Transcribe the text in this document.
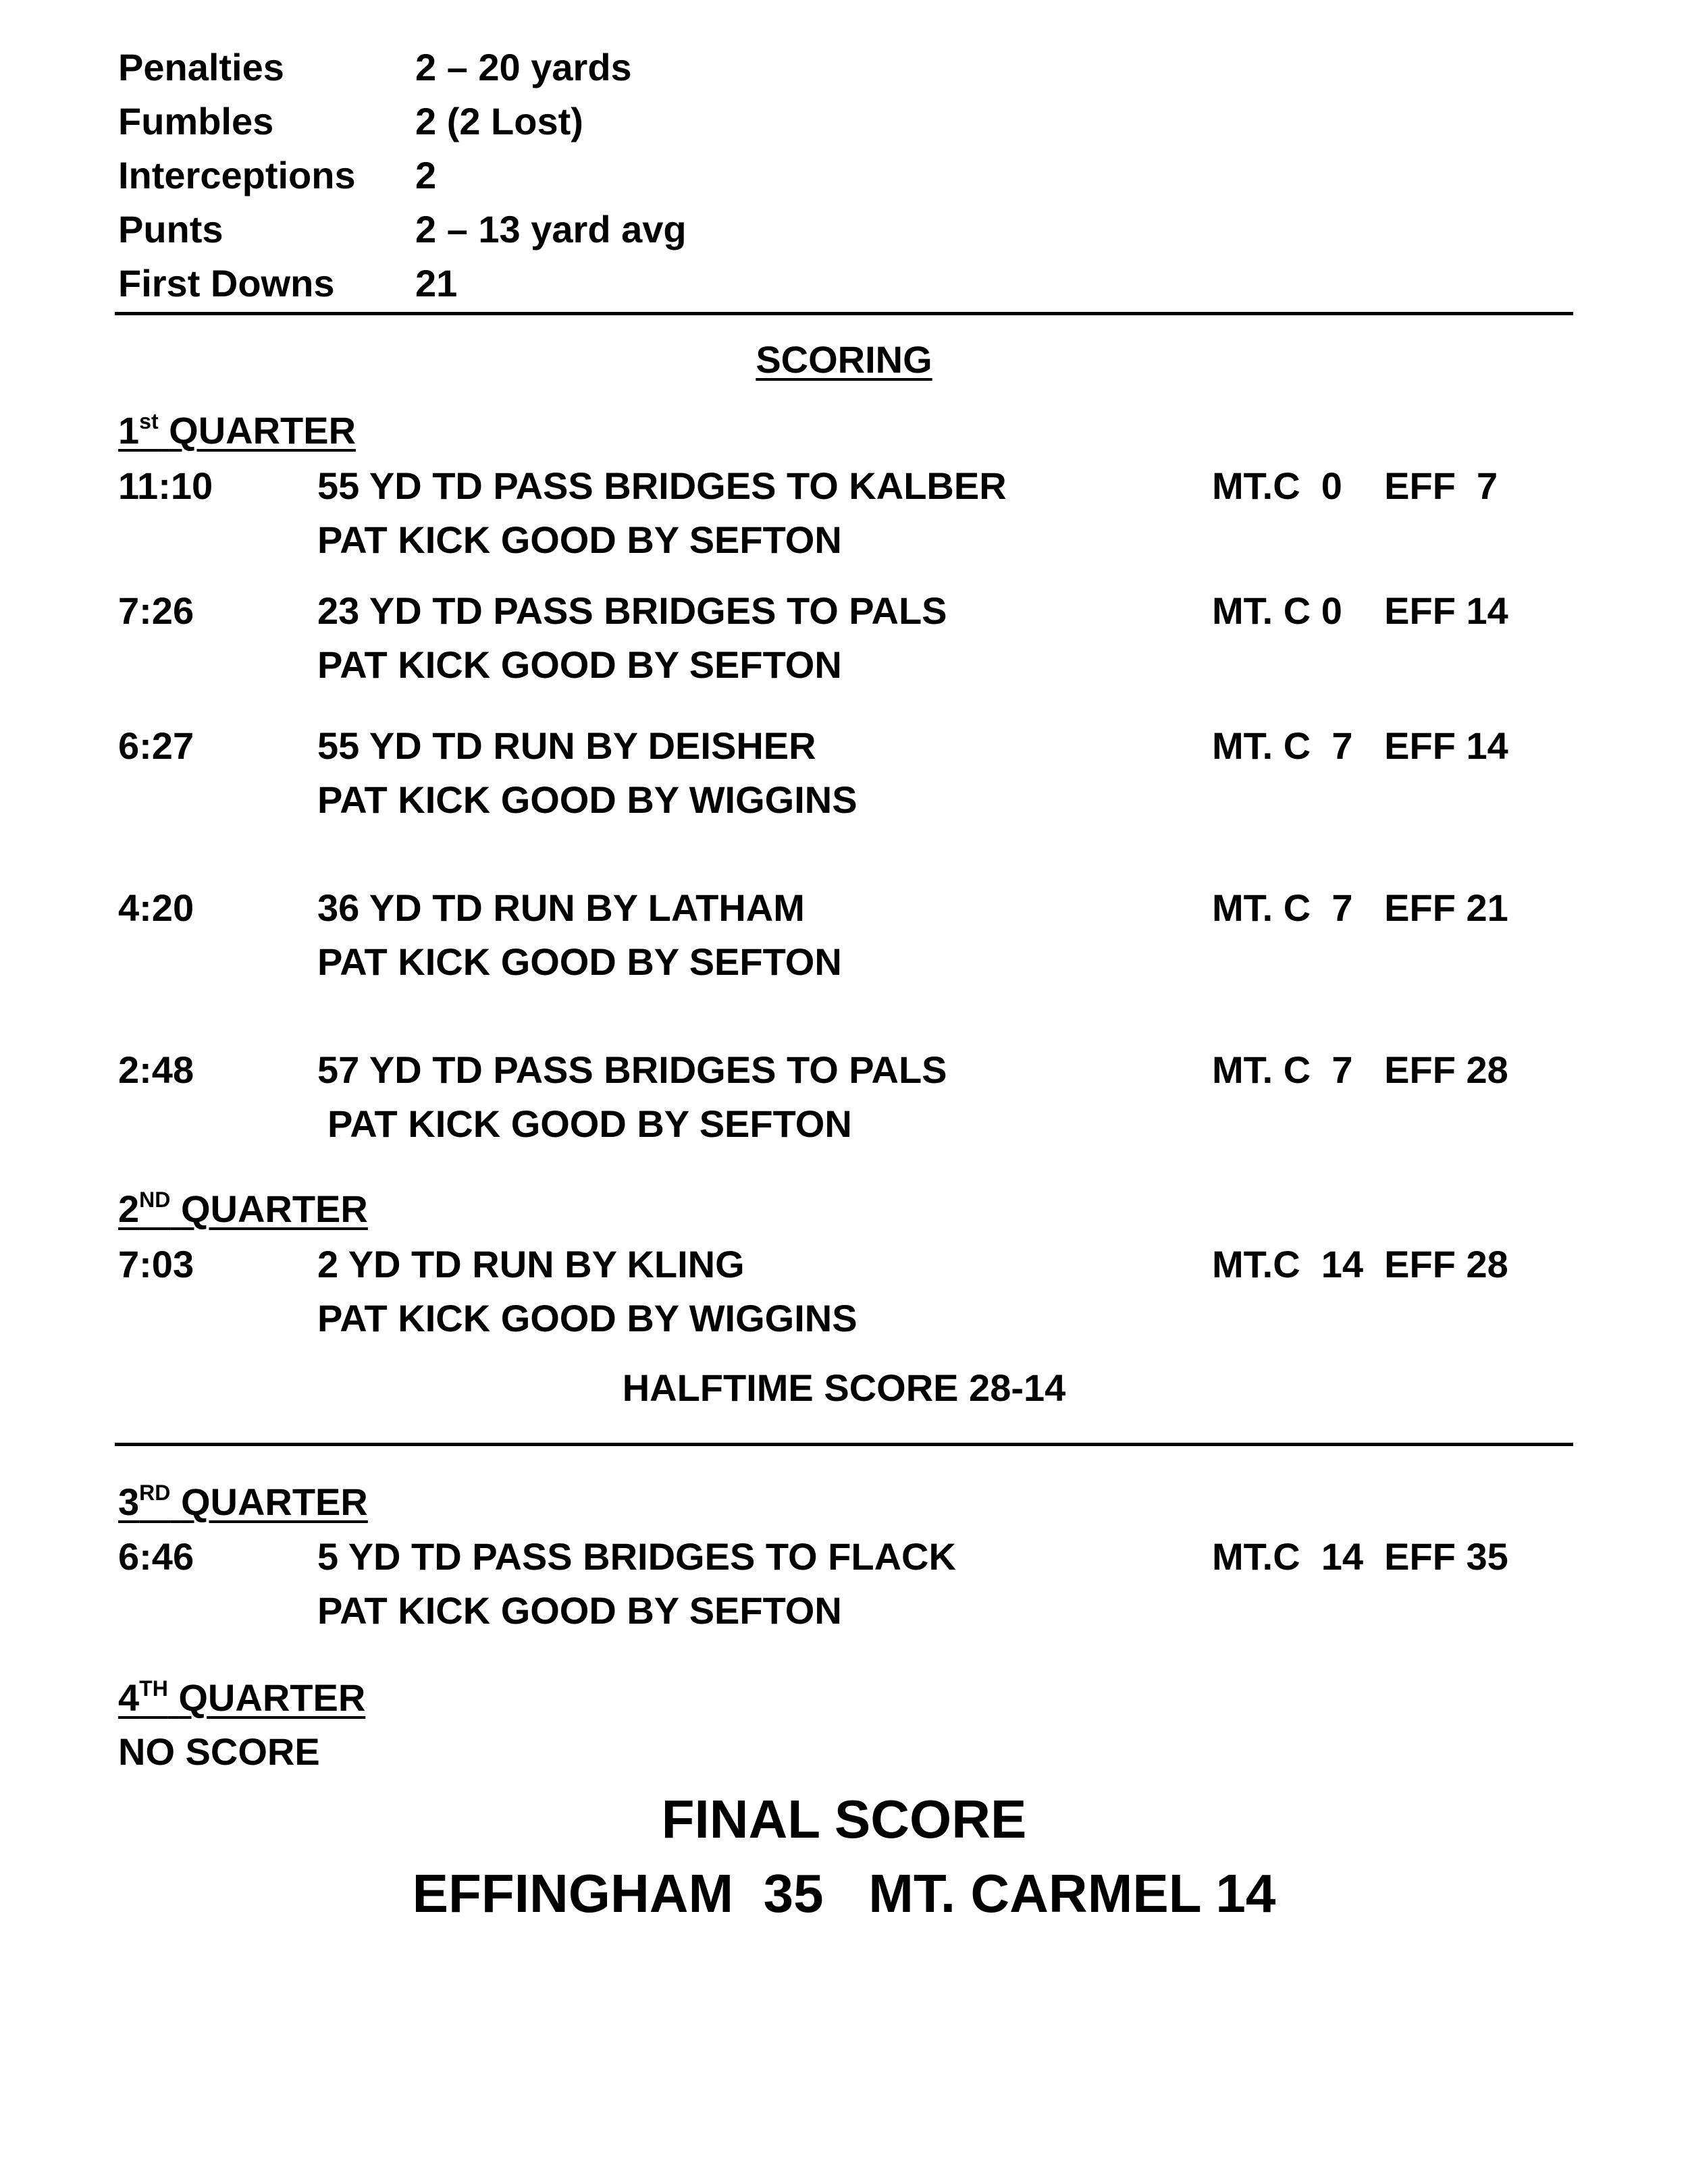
Penalties	2 – 20 yards
Fumbles	2 (2 Lost)
Interceptions 2
Punts	2 – 13 yard avg
First Downs 21
SCORING
1st QUARTER
11:10	55 YD TD PASS BRIDGES TO KALBER	MT.C  0    EFF  7
PAT KICK GOOD BY SEFTON
7:26	23 YD TD PASS BRIDGES TO PALS	MT. C 0    EFF 14
PAT KICK GOOD BY SEFTON
6:27	55 YD TD RUN BY DEISHER	MT. C  7   EFF 14
PAT KICK GOOD BY WIGGINS
4:20	36 YD TD RUN BY LATHAM	MT. C  7   EFF 21
PAT KICK GOOD BY SEFTON
2:48	57 YD TD PASS BRIDGES TO PALS	MT. C  7   EFF 28
PAT KICK GOOD BY SEFTON
2ND QUARTER
7:03	2 YD TD RUN BY KLING	MT.C  14  EFF 28
PAT KICK GOOD BY WIGGINS
HALFTIME SCORE 28-14
3RD QUARTER
6:46	5 YD TD PASS BRIDGES TO FLACK	MT.C  14  EFF 35
PAT KICK GOOD BY SEFTON
4TH QUARTER
NO SCORE
FINAL SCORE
EFFINGHAM  35   MT. CARMEL 14
